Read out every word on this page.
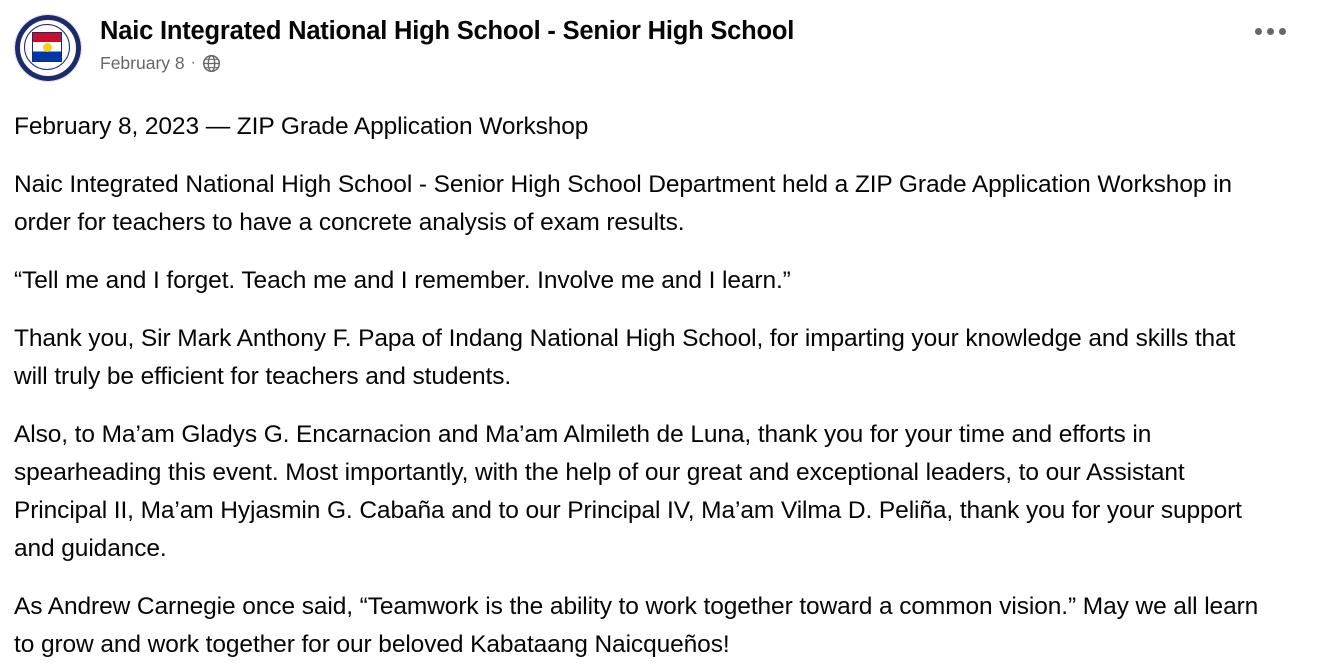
Naic Integrated National High School - Senior High School
February 8 ·

February 8, 2023 — ZIP Grade Application Workshop

Naic Integrated National High School - Senior High School Department held a ZIP Grade Application Workshop in order for teachers to have a concrete analysis of exam results.

“Tell me and I forget. Teach me and I remember. Involve me and I learn.”

Thank you, Sir Mark Anthony F. Papa of Indang National High School, for imparting your knowledge and skills that will truly be efficient for teachers and students.

Also, to Ma’am Gladys G. Encarnacion and Ma’am Almileth de Luna, thank you for your time and efforts in spearheading this event. Most importantly, with the help of our great and exceptional leaders, to our Assistant Principal II, Ma’am Hyjasmin G. Cabaña and to our Principal IV, Ma’am Vilma D. Peliña, thank you for your support and guidance.

As Andrew Carnegie once said, “Teamwork is the ability to work together toward a common vision.” May we all learn to grow and work together for our beloved Kabataang Naicqueños!
